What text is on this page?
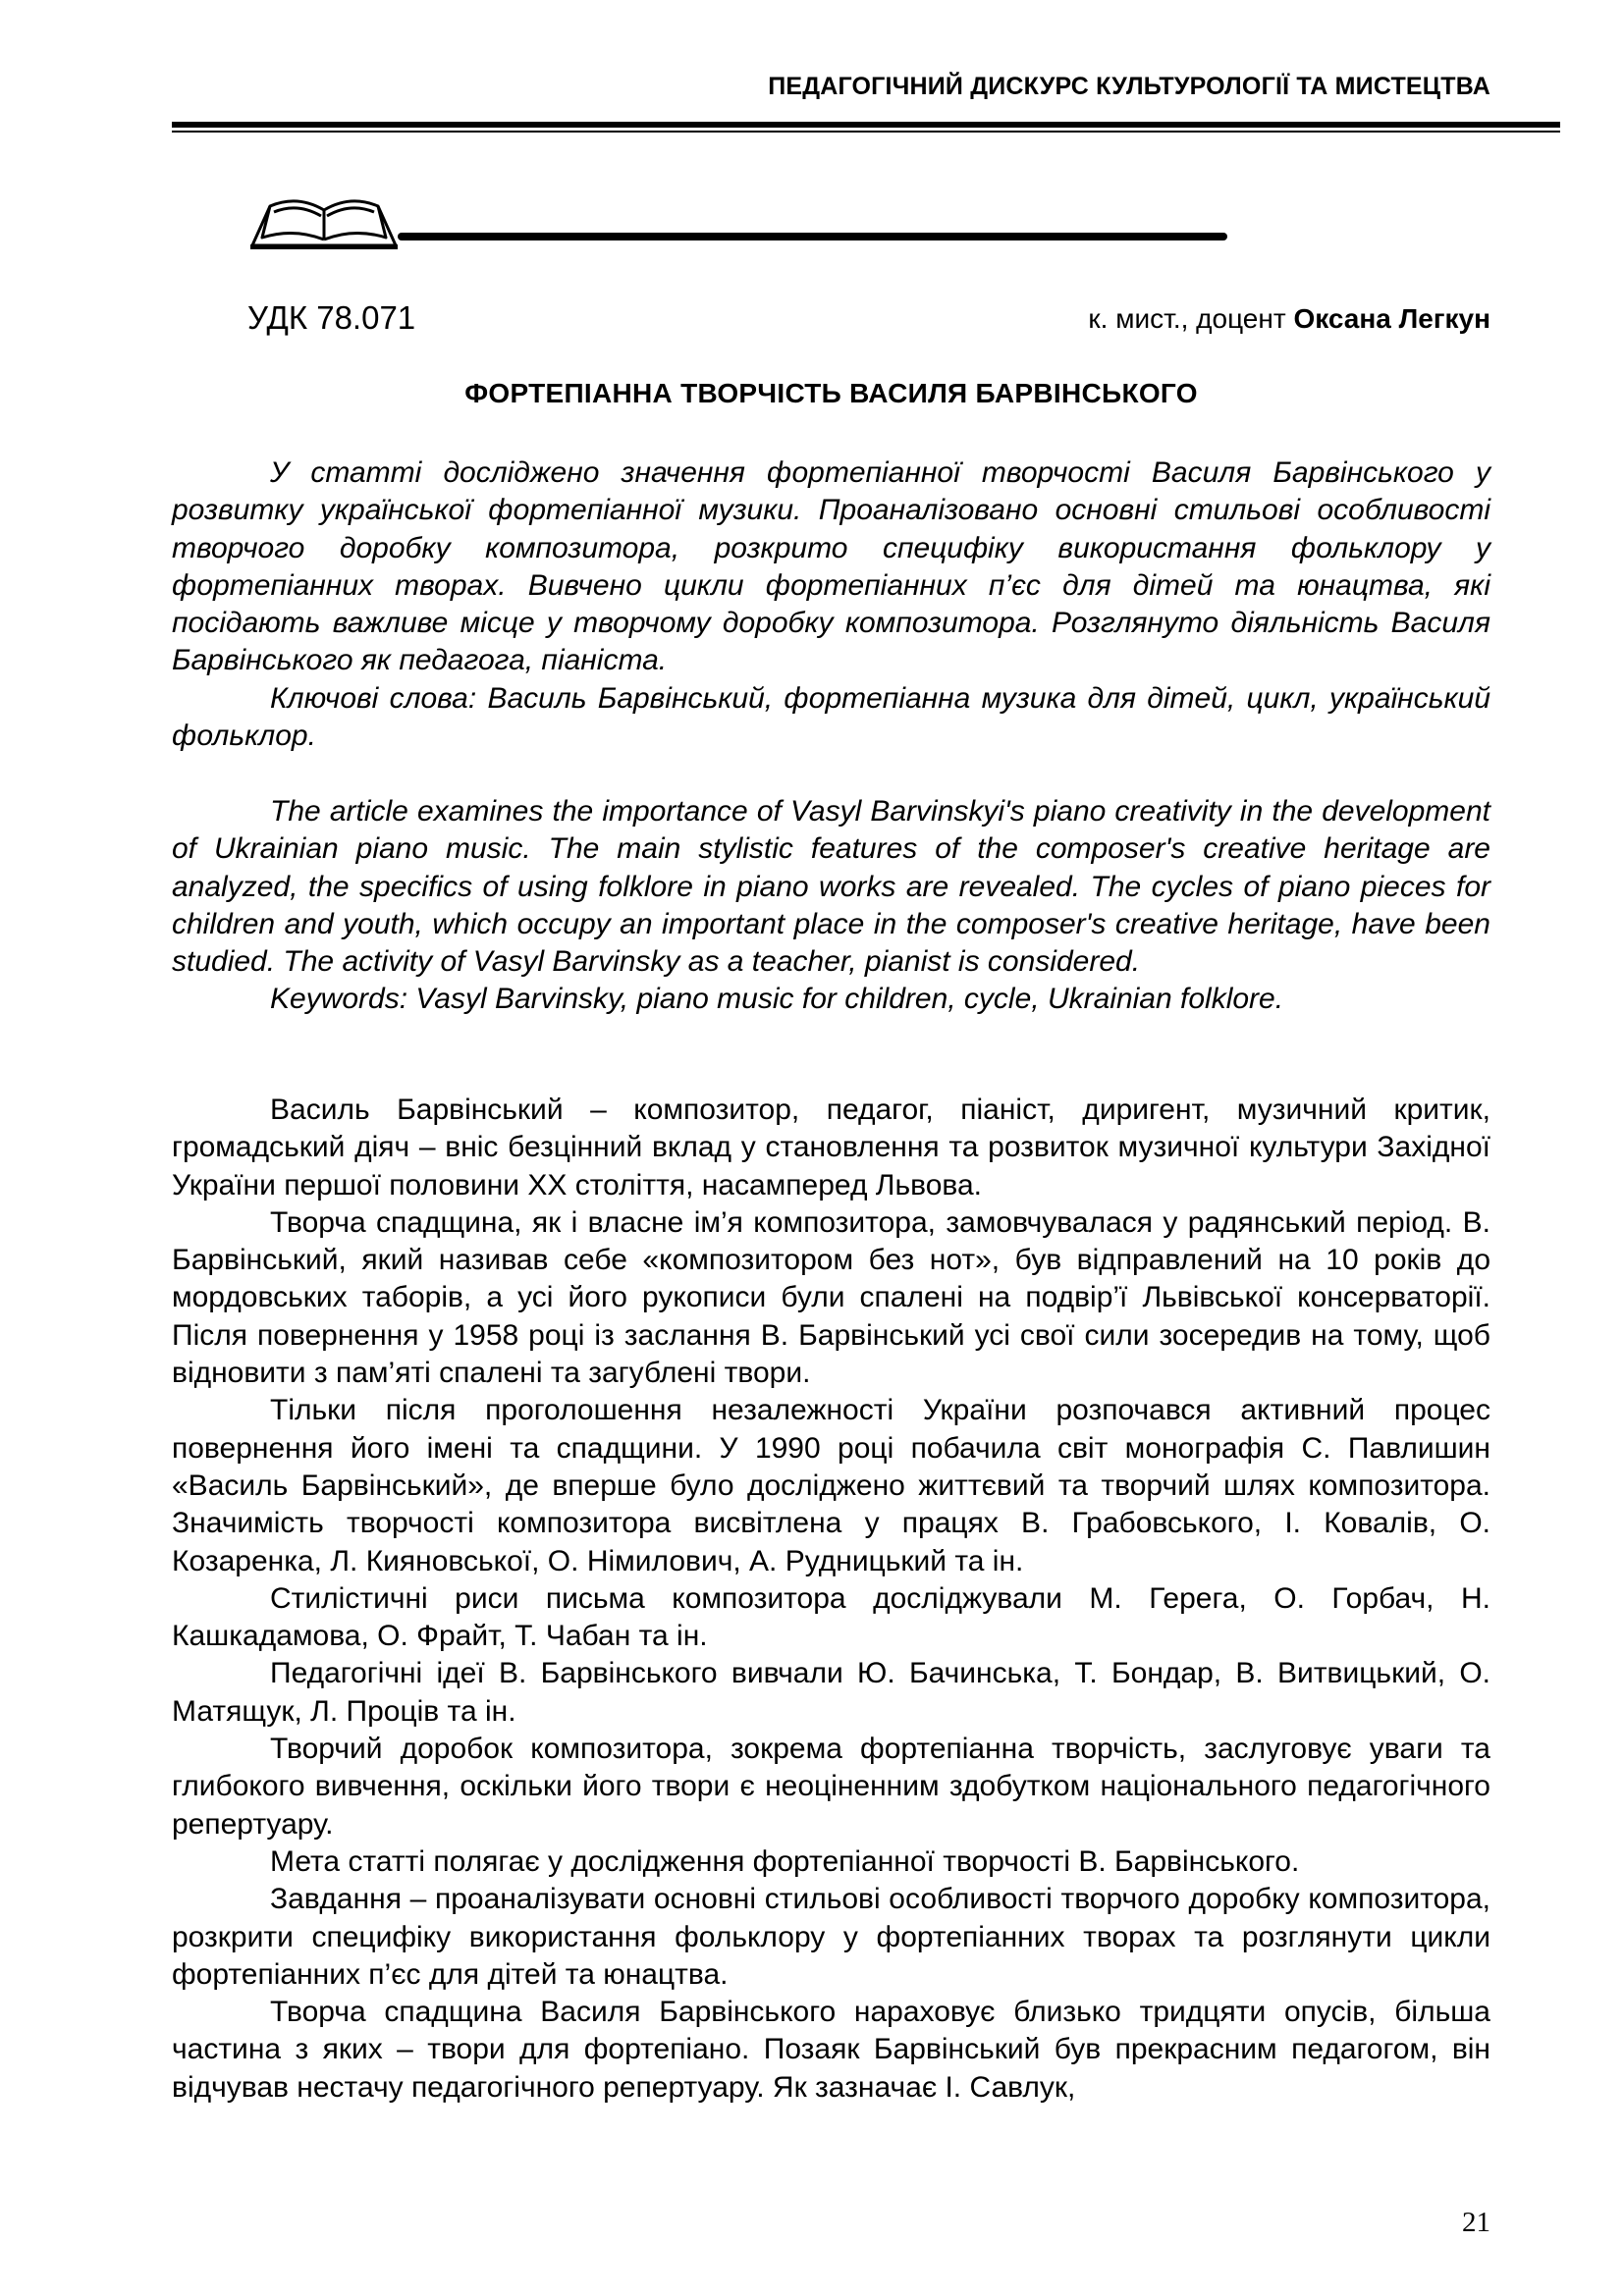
ПЕДАГОГІЧНИЙ ДИСКУРС КУЛЬТУРОЛОГІЇ ТА МИСТЕЦТВА
УДК 78.071	к. мист., доцент Оксана Легкун
ФОРТЕПІАННА ТВОРЧІСТЬ ВАСИЛЯ БАРВІНСЬКОГО

У статті досліджено значення фортепіанної творчості Василя Барвінського у розвитку української фортепіанної музики. Проаналізовано основні стильові особливості творчого доробку композитора, розкрито специфіку використання фольклору у фортепіанних творах. Вивчено цикли фортепіанних п’єс для дітей та юнацтва, які посідають важливе місце у творчому доробку композитора. Розглянуто діяльність Василя Барвінського як педагога, піаніста.

Ключові слова: Василь Барвінський, фортепіанна музика для дітей, цикл, український фольклор.

The article examines the importance of Vasyl Barvinskyi's piano creativity in the development of Ukrainian piano music. The main stylistic features of the composer's creative heritage are analyzed, the specifics of using folklore in piano works are revealed. The cycles of piano pieces for children and youth, which occupy an important place in the composer's creative heritage, have been studied. The activity of Vasyl Barvinsky as a teacher, pianist is considered.

Keywords: Vasyl Barvinsky, piano music for children, cycle, Ukrainian folklore.

Василь Барвінський – композитор, педагог, піаніст, диригент, музичний критик, громадський діяч – вніс безцінний вклад у становлення та розвиток музичної культури Західної України першої половини ХХ століття, насамперед Львова.

Творча спадщина, як і власне ім’я композитора, замовчувалася у радянський період. В. Барвінський, який називав себе «композитором без нот», був відправлений на 10 років до мордовських таборів, а усі його рукописи були спалені на подвір’ї Львівської консерваторії. Після повернення у 1958 році із заслання В. Барвінський усі свої сили зосередив на тому, щоб відновити з пам’яті спалені та загублені твори.

Тільки після проголошення незалежності України розпочався активний процес повернення його імені та спадщини. У 1990 році побачила світ монографія С. Павлишин «Василь Барвінський», де вперше було досліджено життєвий та творчий шлях композитора. Значимість творчості композитора висвітлена у працях В. Грабовського, І. Ковалів, О. Козаренка, Л. Кияновської, О. Німилович, А. Рудницький та ін.

Стилістичні риси письма композитора досліджували М. Герега, О. Горбач, Н. Кашкадамова, О. Фрайт, Т. Чабан та ін.

Педагогічні ідеї В. Барвінського вивчали Ю. Бачинська, Т. Бондар, В. Витвицький, О. Матящук, Л. Проців та ін.

Творчий доробок композитора, зокрема фортепіанна творчість, заслуговує уваги та глибокого вивчення, оскільки його твори є неоціненним здобутком національного педагогічного репертуару.

Мета статті полягає у дослідження фортепіанної творчості В. Барвінського.

Завдання – проаналізувати основні стильові особливості творчого доробку композитора, розкрити специфіку використання фольклору у фортепіанних творах та розглянути цикли фортепіанних п’єс для дітей та юнацтва.

Творча спадщина Василя Барвінського нараховує близько тридцяти опусів, більша частина з яких – твори для фортепіано. Позаяк Барвінський був прекрасним педагогом, він відчував нестачу педагогічного репертуару. Як зазначає І. Савлук,

21
